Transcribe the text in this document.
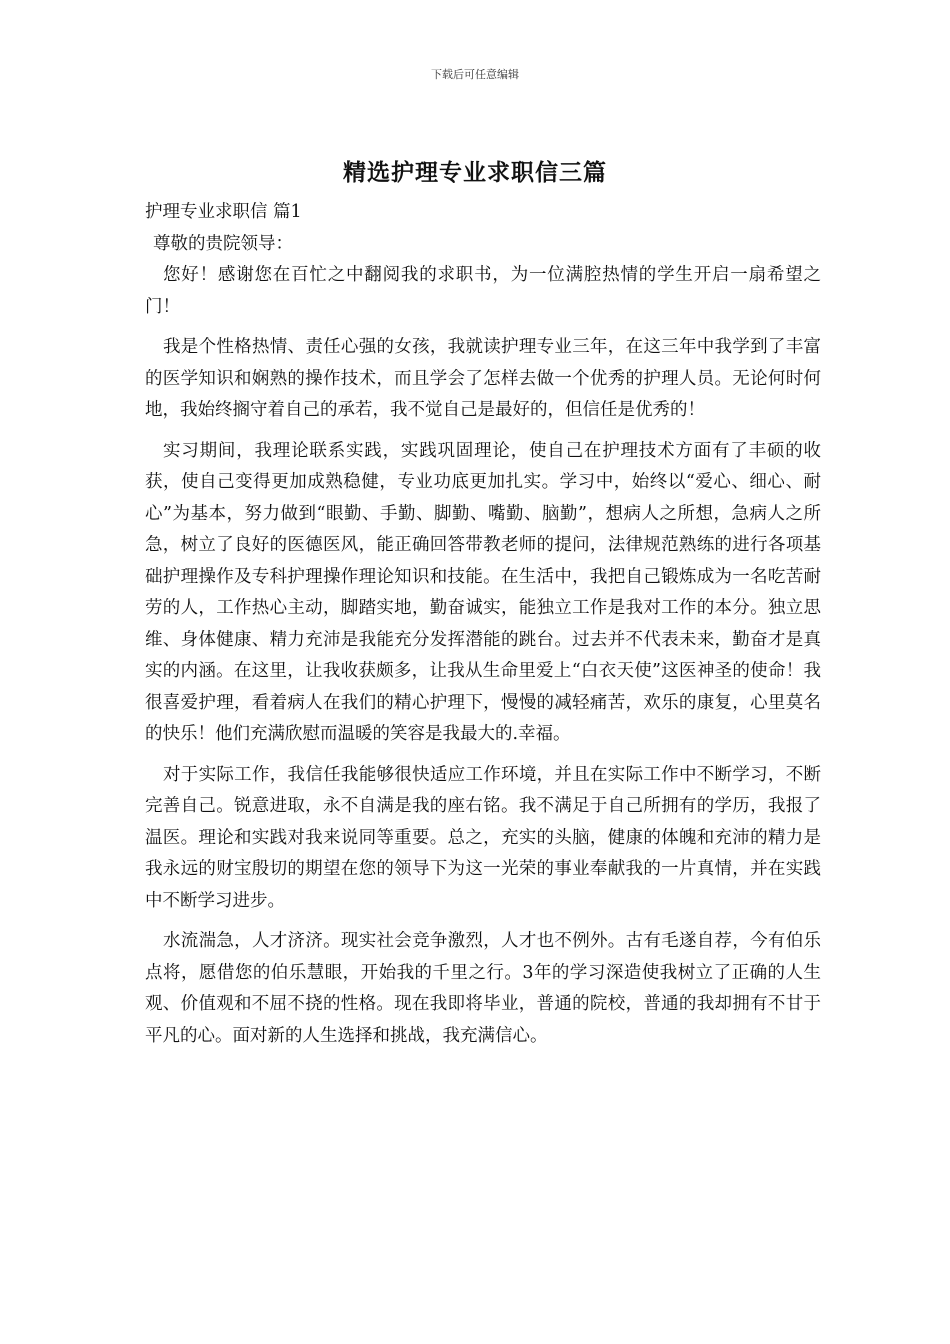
下载后可任意编辑
精选护理专业求职信三篇

护理专业求职信 篇1

尊敬的贵院领导：

您好！感谢您在百忙之中翻阅我的求职书，为一位满腔热情的学生开启一扇希望之门！

我是个性格热情、责任心强的女孩，我就读护理专业三年，在这三年中我学到了丰富的医学知识和娴熟的操作技术，而且学会了怎样去做一个优秀的护理人员。无论何时何地，我始终搁守着自己的承若，我不觉自己是最好的，但信任是优秀的！

实习期间，我理论联系实践，实践巩固理论，使自己在护理技术方面有了丰硕的收获，使自己变得更加成熟稳健，专业功底更加扎实。学习中，始终以“爱心、细心、耐心”为基本，努力做到“眼勤、手勤、脚勤、嘴勤、脑勤”，想病人之所想，急病人之所急，树立了良好的医德医风，能正确回答带教老师的提问，法律规范熟练的进行各项基础护理操作及专科护理操作理论知识和技能。在生活中，我把自己锻炼成为一名吃苦耐劳的人，工作热心主动，脚踏实地，勤奋诚实，能独立工作是我对工作的本分。独立思维、身体健康、精力充沛是我能充分发挥潜能的跳台。过去并不代表未来，勤奋才是真实的内涵。在这里，让我收获颇多，让我从生命里爱上“白衣天使”这医神圣的使命！我很喜爱护理，看着病人在我们的精心护理下，慢慢的减轻痛苦，欢乐的康复，心里莫名的快乐！他们充满欣慰而温暖的笑容是我最大的.幸福。

对于实际工作，我信任我能够很快适应工作环境，并且在实际工作中不断学习，不断完善自己。锐意进取，永不自满是我的座右铭。我不满足于自己所拥有的学历，我报了温医。理论和实践对我来说同等重要。总之，充实的头脑，健康的体魄和充沛的精力是我永远的财宝殷切的期望在您的领导下为这一光荣的事业奉献我的一片真情，并在实践中不断学习进步。

水流湍急，人才济济。现实社会竞争激烈，人才也不例外。古有毛遂自荐，今有伯乐点将，愿借您的伯乐慧眼，开始我的千里之行。3年的学习深造使我树立了正确的人生观、价值观和不屈不挠的性格。现在我即将毕业，普通的院校，普通的我却拥有不甘于平凡的心。面对新的人生选择和挑战，我充满信心。
